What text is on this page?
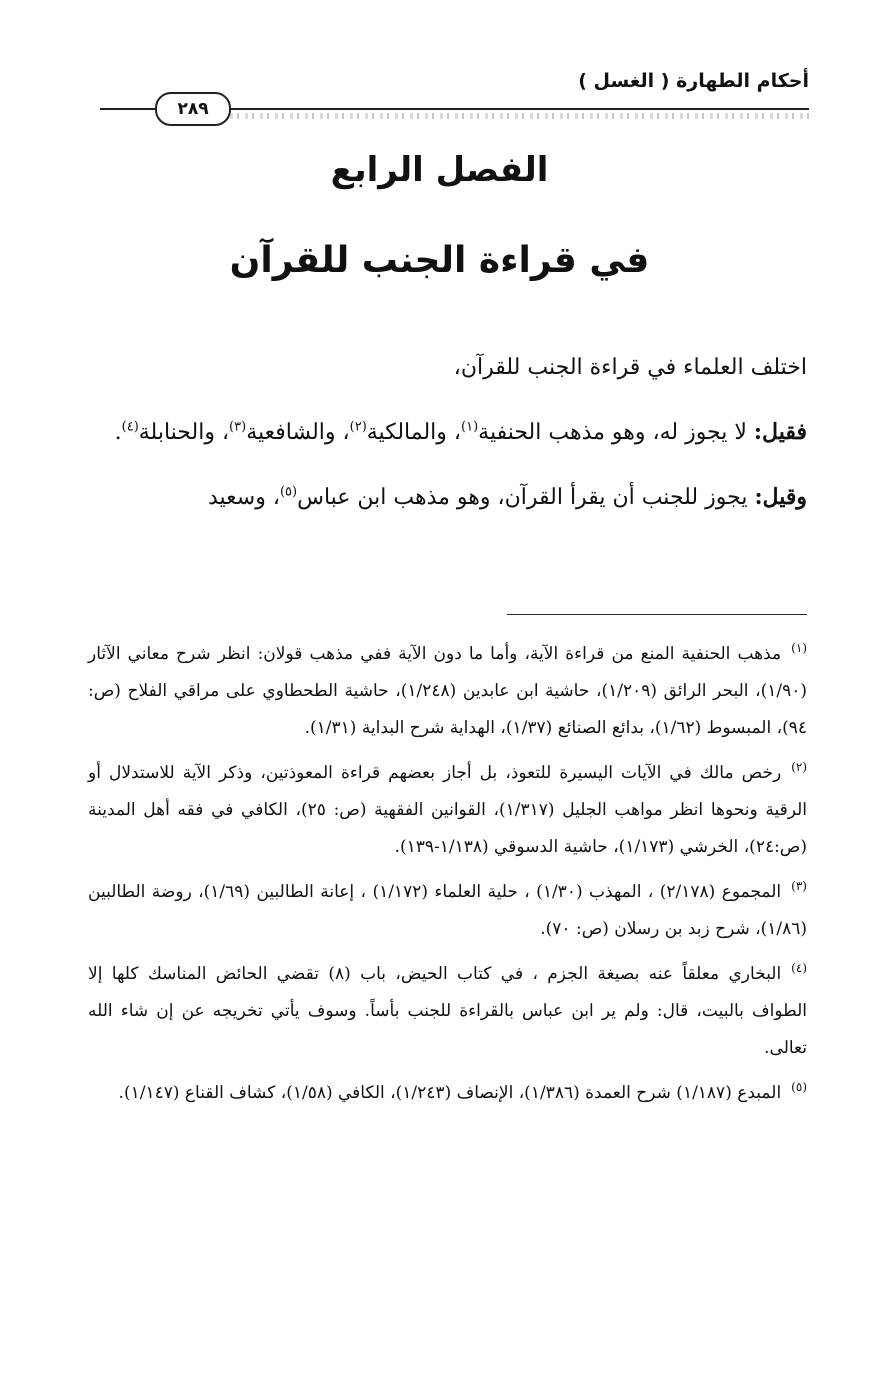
أحكام الطهارة ( الغسل )
٢٨٩
الفصل الرابع
في قراءة الجنب للقرآن

اختلف العلماء في قراءة الجنب للقرآن،

فقيل: لا يجوز له، وهو مذهب الحنفية$^{(١)}$، والمالكية$^{(٢)}$، والشافعية$^{(٣)}$، والحنابلة$^{(٤)}$.

وقيل: يجوز للجنب أن يقرأ القرآن، وهو مذهب ابن عباس$^{(٥)}$، وسعيد

$^{(١)}$مذهب الحنفية المنع من قراءة الآية، وأما ما دون الآية ففي مذهب قولان: انظر شرح معاني الآثار (١/٩٠)، البحر الرائق (١/٢٠٩)، حاشية ابن عابدين (١/٢٤٨)، حاشية الطحطاوي على مراقي الفلاح (ص: ٩٤)، المبسوط (١/٦٢)، بدائع الصنائع (١/٣٧)، الهداية شرح البداية (١/٣١).

$^{(٢)}$رخص مالك في الآيات اليسيرة للتعوذ، بل أجاز بعضهم قراءة المعوذتين، وذكر الآية للاستدلال أو الرقية ونحوها انظر مواهب الجليل (١/٣١٧)، القوانين الفقهية (ص: ٢٥)، الكافي في فقه أهل المدينة (ص:٢٤)، الخرشي (١/١٧٣)، حاشية الدسوقي (١/١٣٨-١٣٩).

$^{(٣)}$المجموع (٢/١٧٨) ، المهذب (١/٣٠) ، حلية العلماء (١/١٧٢) ، إعانة الطالبين (١/٦٩)، روضة الطالبين (١/٨٦)، شرح زبد بن رسلان (ص: ٧٠).

$^{(٤)}$البخاري معلقاً عنه بصيغة الجزم ، في كتاب الحيض، باب (٨) تقضي الحائض المناسك كلها إلا الطواف بالبيت، قال: ولم ير ابن عباس بالقراءة للجنب بأساً. وسوف يأتي تخريجه عن إن شاء الله تعالى.

$^{(٥)}$المبدع (١/١٨٧) شرح العمدة (١/٣٨٦)، الإنصاف (١/٢٤٣)، الكافي (١/٥٨)، كشاف القناع (١/١٤٧).
